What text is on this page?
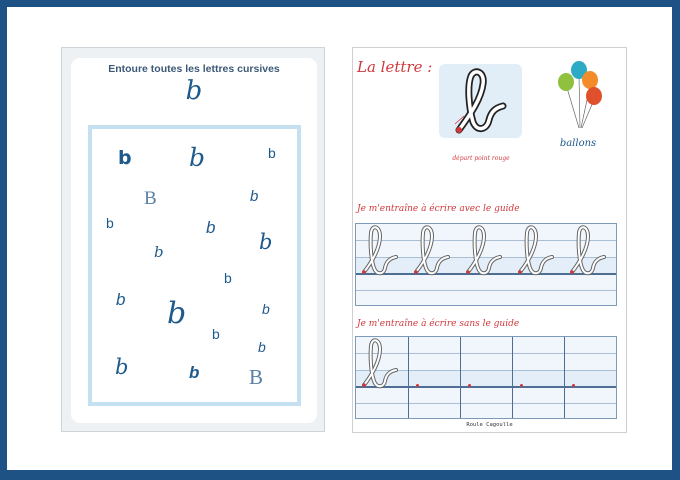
Entoure toutes les lettres cursives
b
b b	b
B	b
b	b
b	b
b
b b	b
b
b
b	b B
La lettre :
départ point rouge
ballons
Je m'entraîne à écrire avec le guide
Je m'entraîne à écrire sans le guide
Roule Cagoulle
